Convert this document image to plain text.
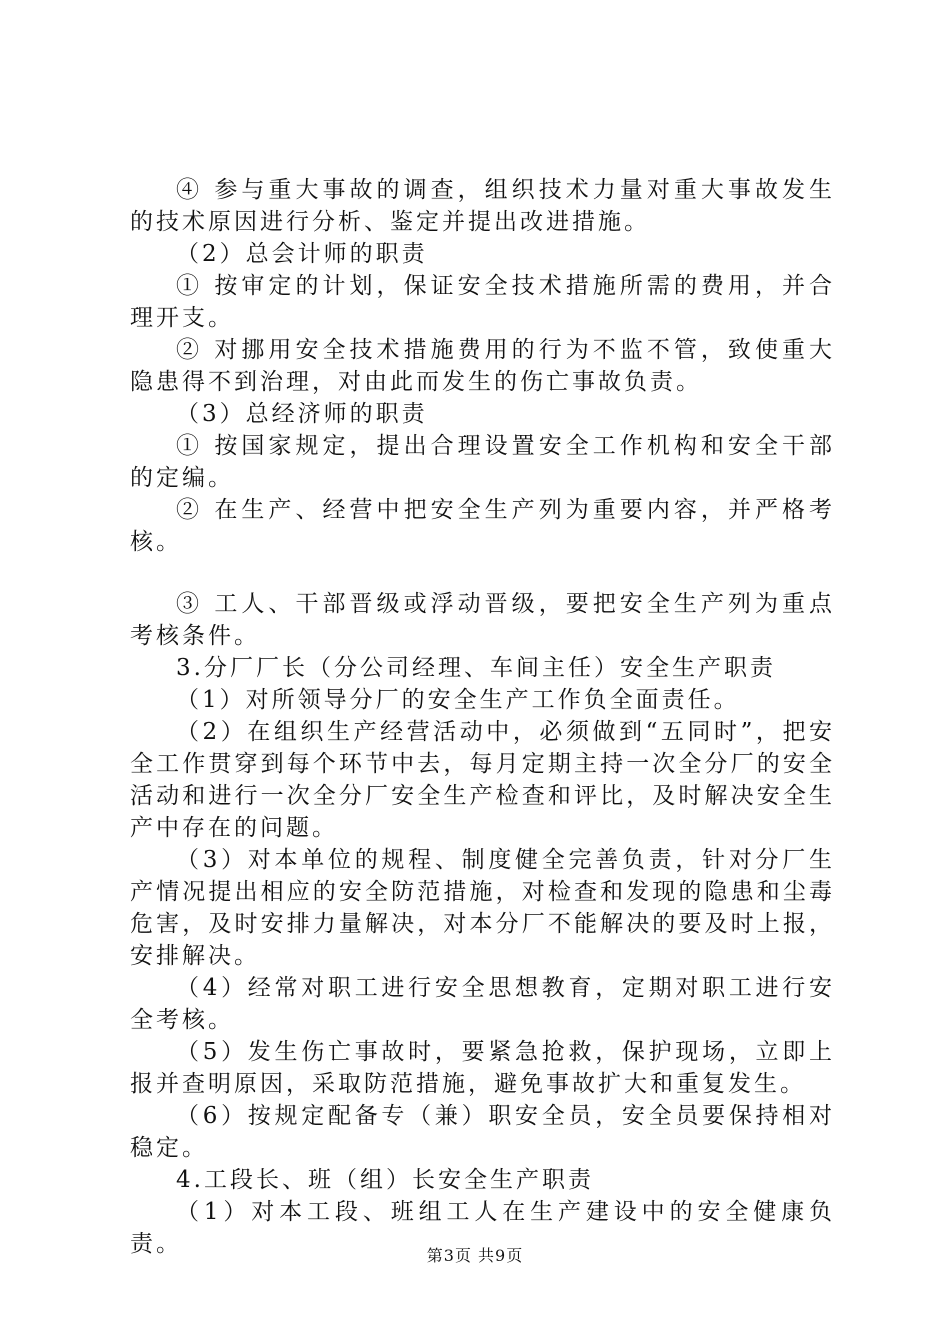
④ 参与重大事故的调查，组织技术力量对重大事故发生的技术原因进行分析、鉴定并提出改进措施。

（2）总会计师的职责

① 按审定的计划，保证安全技术措施所需的费用，并合理开支。

② 对挪用安全技术措施费用的行为不监不管，致使重大隐患得不到治理，对由此而发生的伤亡事故负责。

（3）总经济师的职责

① 按国家规定，提出合理设置安全工作机构和安全干部的定编。

② 在生产、经营中把安全生产列为重要内容，并严格考核。

③ 工人、干部晋级或浮动晋级，要把安全生产列为重点考核条件。

3.分厂厂长（分公司经理、车间主任）安全生产职责

（1）对所领导分厂的安全生产工作负全面责任。

（2）在组织生产经营活动中，必须做到“五同时”，把安全工作贯穿到每个环节中去，每月定期主持一次全分厂的安全活动和进行一次全分厂安全生产检查和评比，及时解决安全生产中存在的问题。

（3）对本单位的规程、制度健全完善负责，针对分厂生产情况提出相应的安全防范措施，对检查和发现的隐患和尘毒危害，及时安排力量解决，对本分厂不能解决的要及时上报，安排解决。

（4）经常对职工进行安全思想教育，定期对职工进行安全考核。

（5）发生伤亡事故时，要紧急抢救，保护现场，立即上报并查明原因，采取防范措施，避免事故扩大和重复发生。

（6）按规定配备专（兼）职安全员，安全员要保持相对稳定。

4.工段长、班（组）长安全生产职责

（1）对本工段、班组工人在生产建设中的安全健康负责。	第3页 共9页
